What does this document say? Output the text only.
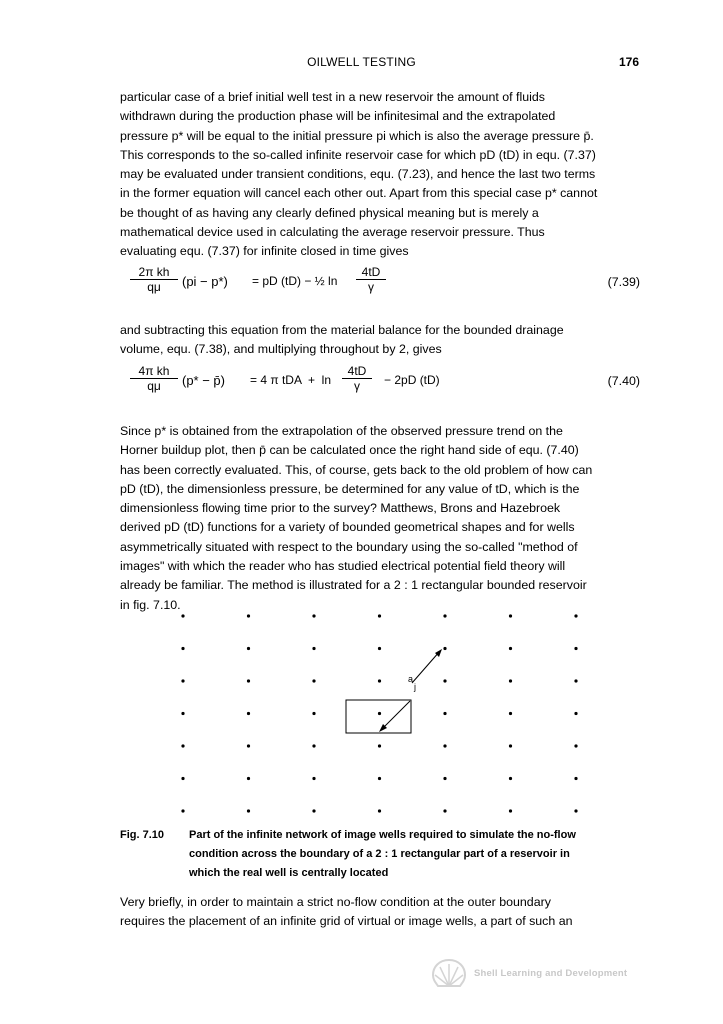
OILWELL TESTING	176
particular case of a brief initial well test in a new reservoir the amount of fluids
withdrawn during the production phase will be infinitesimal and the extrapolated
pressure p* will be equal to the initial pressure pi which is also the average pressure p̄.
This corresponds to the so-called infinite reservoir case for which pD (tD) in equ. (7.37)
may be evaluated under transient conditions, equ. (7.23), and hence the last two terms
in the former equation will cancel each other out. Apart from this special case p* cannot
be thought of as having any clearly defined physical meaning but is merely a
mathematical device used in calculating the average reservoir pressure. Thus
evaluating equ. (7.37) for infinite closed in time gives
$\frac{\text{2π kh}}{q\mu} (pi - p*)$ = pD (tD) − ½ $\ln \frac{4tD}{\gamma}$	(7.39)
and subtracting this equation from the material balance for the bounded drainage
volume, equ. (7.38), and multiplying throughout by 2, gives
$\frac{\text{4π kh}}{q\mu} (p*$ − p̄) = 4 π tDA  +  $\ln \frac{4tD}{\gamma} - 2pD$ (tD)	(7.40)
Since p* is obtained from the extrapolation of the observed pressure trend on the
Horner buildup plot, then p̄ can be calculated once the right hand side of equ. (7.40)
has been correctly evaluated. This, of course, gets back to the old problem of how can
pD (tD), the dimensionless pressure, be determined for any value of tD, which is the
dimensionless flowing time prior to the survey? Matthews, Brons and Hazebroek
derived pD (tD) functions for a variety of bounded geometrical shapes and for wells
asymmetrically situated with respect to the boundary using the so-called "method of
images" with which the reader who has studied electrical potential field theory will
already be familiar. The method is illustrated for a 2 : 1 rectangular bounded reservoir
in fig. 7.10.
a
j
Fig. 7.10 Part of the infinite network of image wells required to simulate the no-flow
condition across the boundary of a 2 : 1 rectangular part of a reservoir in
which the real well is centrally located
Very briefly, in order to maintain a strict no-flow condition at the outer boundary
requires the placement of an infinite grid of virtual or image wells, a part of such an
Shell Learning and Development
